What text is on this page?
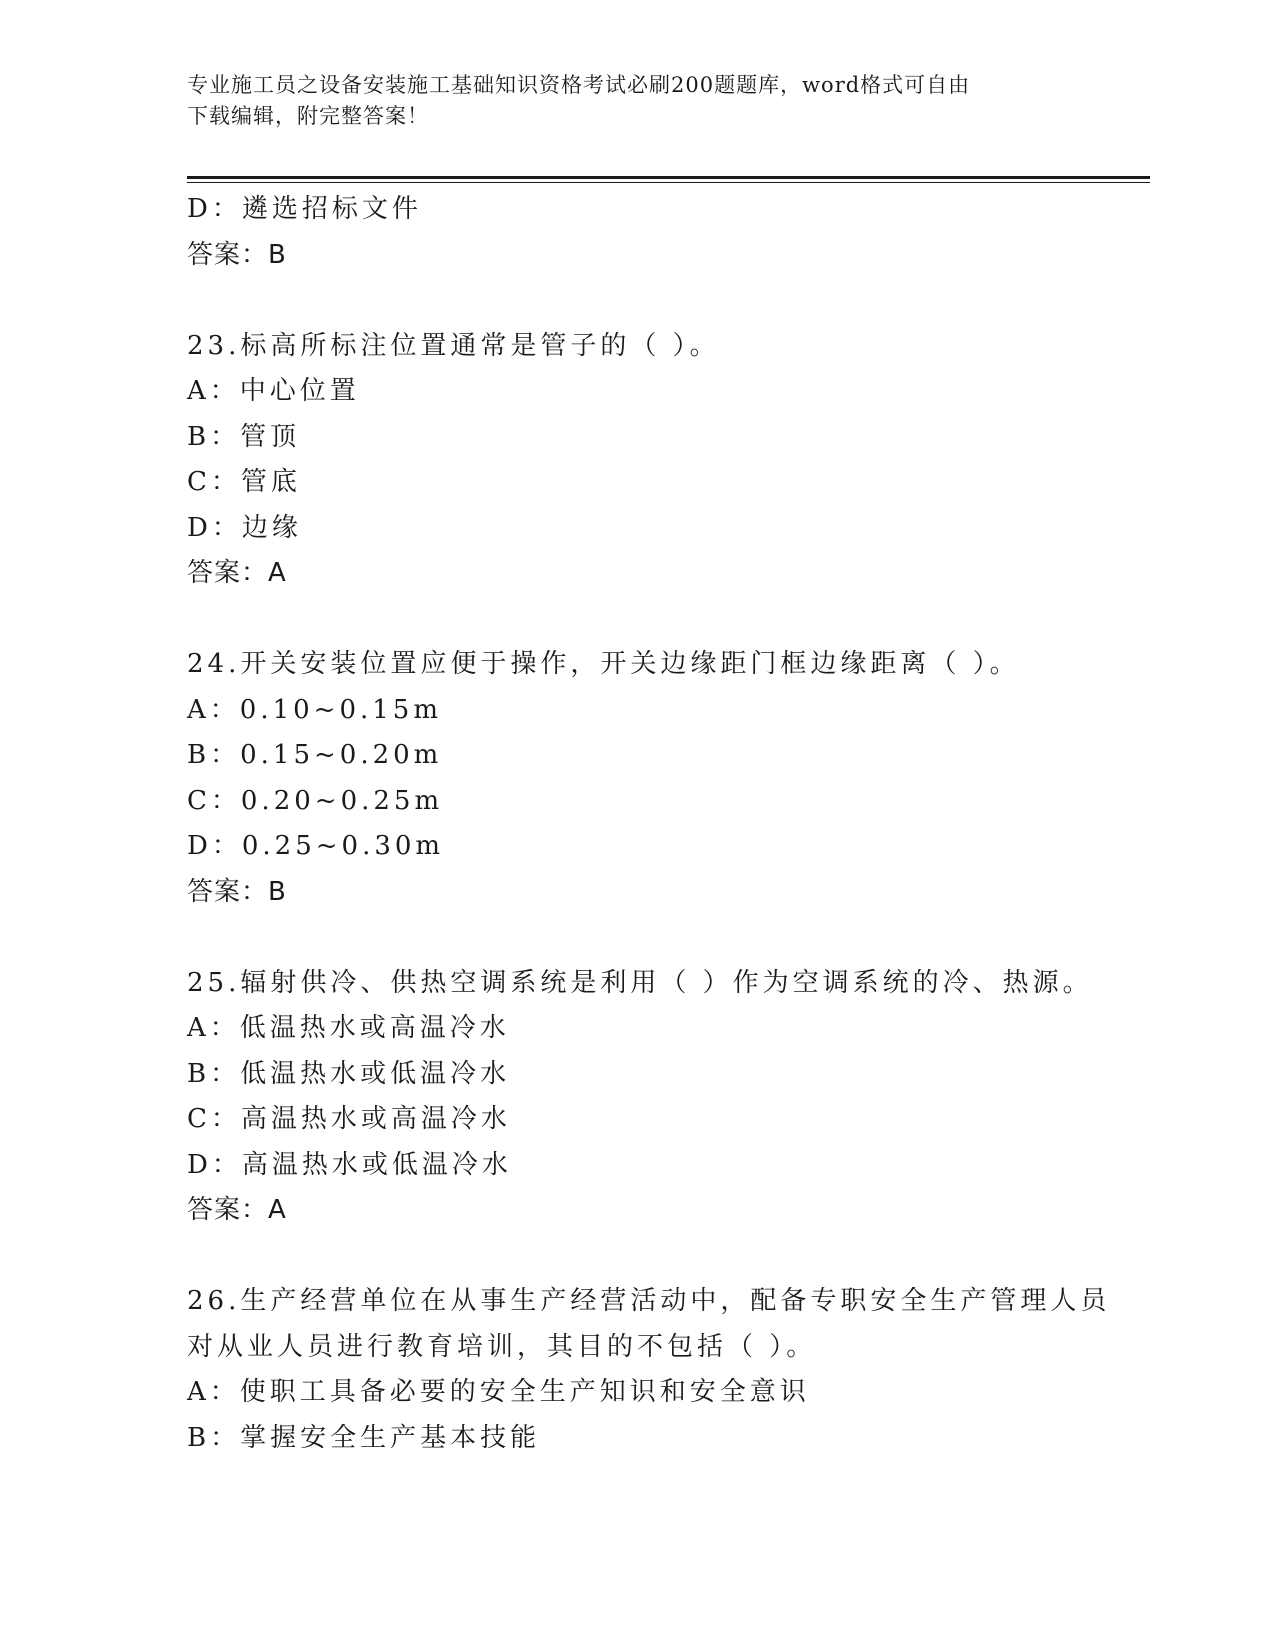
专业施工员之设备安装施工基础知识资格考试必刷200题题库，word格式可自由
下载编辑，附完整答案！
D：遴选招标文件
答案：B
23.标高所标注位置通常是管子的（ ）。
A：中心位置
B：管顶
C：管底
D：边缘
答案：A
24.开关安装位置应便于操作，开关边缘距门框边缘距离（ ）。
A：0.10~0.15m
B：0.15~0.20m
C：0.20~0.25m
D：0.25~0.30m
答案：B
25.辐射供冷、供热空调系统是利用（ ）作为空调系统的冷、热源。
A：低温热水或高温冷水
B：低温热水或低温冷水
C：高温热水或高温冷水
D：高温热水或低温冷水
答案：A
26.生产经营单位在从事生产经营活动中，配备专职安全生产管理人员
对从业人员进行教育培训，其目的不包括（ ）。
A：使职工具备必要的安全生产知识和安全意识
B：掌握安全生产基本技能
